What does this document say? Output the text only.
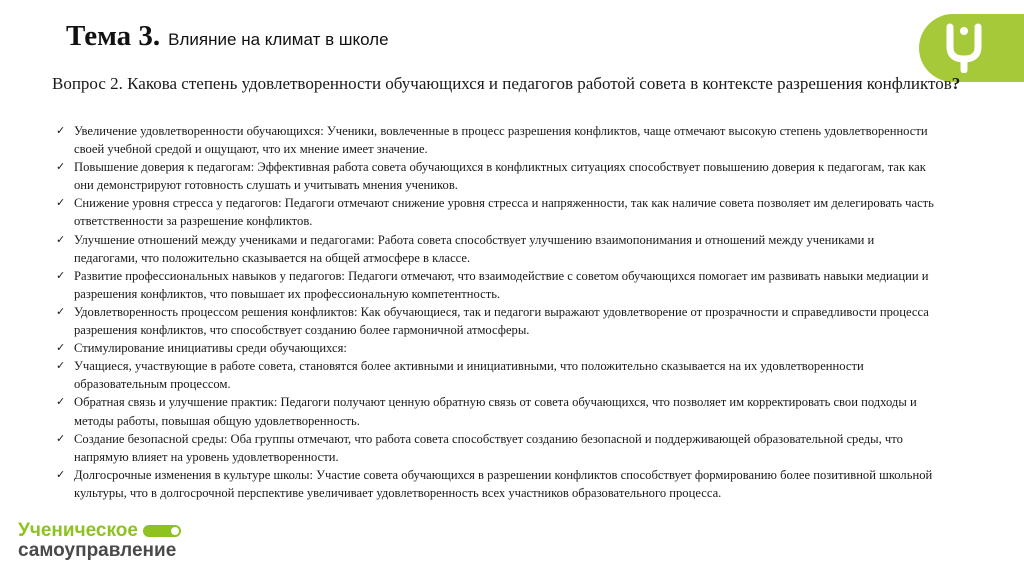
Тема 3. Влияние на климат в школе
Вопрос 2. Какова степень удовлетворенности обучающихся и педагогов работой совета в контексте разрешения конфликтов?
✓ Увеличение удовлетворенности обучающихся: Ученики, вовлеченные в процесс разрешения конфликтов, чаще отмечают высокую степень удовлетворенности своей учебной средой и ощущают, что их мнение имеет значение.
✓ Повышение доверия к педагогам: Эффективная работа совета обучающихся в конфликтных ситуациях способствует повышению доверия к педагогам, так как они демонстрируют готовность слушать и учитывать мнения учеников.
✓ Снижение уровня стресса у педагогов: Педагоги отмечают снижение уровня стресса и напряженности, так как наличие совета позволяет им делегировать часть ответственности за разрешение конфликтов.
✓ Улучшение отношений между учениками и педагогами: Работа совета способствует улучшению взаимопонимания и отношений между учениками и педагогами, что положительно сказывается на общей атмосфере в классе.
✓ Развитие профессиональных навыков у педагогов: Педагоги отмечают, что взаимодействие с советом обучающихся помогает им развивать навыки медиации и разрешения конфликтов, что повышает их профессиональную компетентность.
✓ Удовлетворенность процессом решения конфликтов: Как обучающиеся, так и педагоги выражают удовлетворение от прозрачности и справедливости процесса разрешения конфликтов, что способствует созданию более гармоничной атмосферы.
✓ Стимулирование инициативы среди обучающихся:
✓ Учащиеся, участвующие в работе совета, становятся более активными и инициативными, что положительно сказывается на их удовлетворенности образовательным процессом.
✓ Обратная связь и улучшение практик: Педагоги получают ценную обратную связь от совета обучающихся, что позволяет им корректировать свои подходы и методы работы, повышая общую удовлетворенность.
✓ Создание безопасной среды: Оба группы отмечают, что работа совета способствует созданию безопасной и поддерживающей образовательной среды, что напрямую влияет на уровень удовлетворенности.
✓ Долгосрочные изменения в культуре школы: Участие совета обучающихся в разрешении конфликтов способствует формированию более позитивной школьной культуры, что в долгосрочной перспективе увеличивает удовлетворенность всех участников образовательного процесса.
Ученическое
самоуправление
